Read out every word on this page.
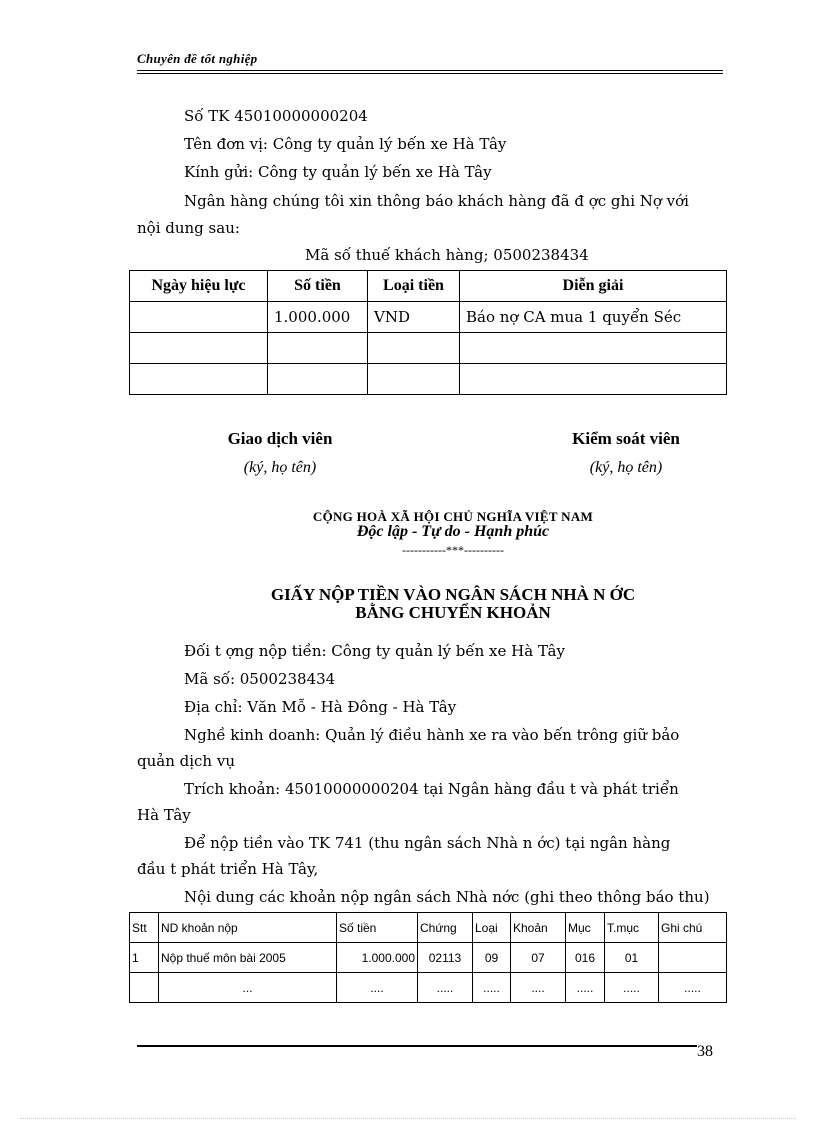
Chuyên đề tốt nghiệp
Số TK 45010000000204
Tên đơn vị: Công ty quản lý bến xe Hà Tây
Kính gửi: Công ty quản lý bến xe Hà Tây
Ngân hàng chúng tôi xin thông báo khách hàng đã đ ợc ghi Nợ với
nội dung sau:
Mã số thuế khách hàng; 0500238434
Ngày hiệu lực	Số tiền	Loại tiền	Diễn giải
	1.000.000	VND	Báo nợ CA mua 1 quyển Séc

Giao dịch viên
(ký, họ tên)
Kiểm soát viên
(ký, họ tên)
CỘNG HOÀ XÃ HỘI CHỦ NGHĨA VIỆT NAM
Độc lập - Tự do - Hạnh phúc
-----------***----------
GIẤY NỘP TIỀN VÀO NGÂN SÁCH NHÀ N ỚC
BẰNG CHUYỂN KHOẢN
Đối t ợng nộp tiền: Công ty quản lý bến xe Hà Tây
Mã số: 0500238434
Địa chỉ: Văn Mỗ - Hà Đông - Hà Tây
Nghề kinh doanh: Quản lý điều hành xe ra vào bến trông giữ bảo
quản dịch vụ
Trích khoản: 45010000000204 tại Ngân hàng đầu t và phát triển
Hà Tây
Để nộp tiền vào TK 741 (thu ngân sách Nhà n ớc) tại ngân hàng
đầu t phát triển Hà Tây,
Nội dung các khoản nộp ngân sách Nhà nớc (ghi theo thông báo thu)
Stt	ND khoản nộp	Số tiền	Chứng	Loại	Khoản	Mục	T.mục	Ghi chú
1	Nộp thuế môn bài 2005	1.000.000	02113	09	07	016	01	
	...	....	.....	.....	....	.....	.....	.....
38
